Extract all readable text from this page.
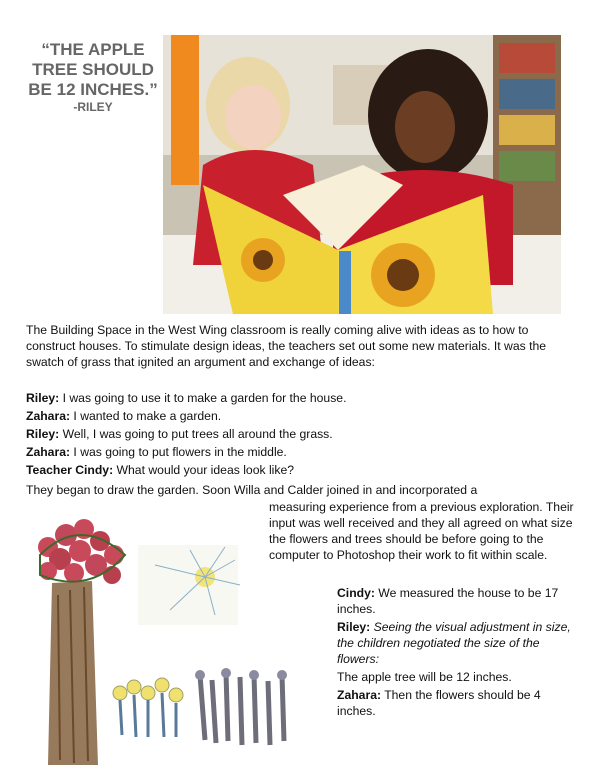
“THE APPLE
TREE SHOULD
BE 12 INCHES.”
-RILEY
The Building Space in the West Wing classroom is really coming alive with ideas as to how to construct houses. To stimulate design ideas, the teachers set out some new materials. It was the swatch of grass that ignited an argument and exchange of ideas:

Riley: I was going to use it to make a garden for the house.

Zahara: I wanted to make a garden.

Riley: Well, I was going to put trees all around the grass.

Zahara: I was going to put flowers in the middle.

Teacher Cindy: What would your ideas look like?

They began to draw the garden. Soon Willa and Calder joined in and incorporated a
measuring experience from a previous exploration. Their input was well received and they all agreed on what size the flowers and trees should be before going to the computer to Photoshop their work to fit within scale.

Cindy: We measured the house to be 17 inches.

Riley: Seeing the visual adjustment in size, the children negotiated the size of the flowers:

The apple tree will be 12 inches.

Zahara: Then the flowers should be 4 inches.
